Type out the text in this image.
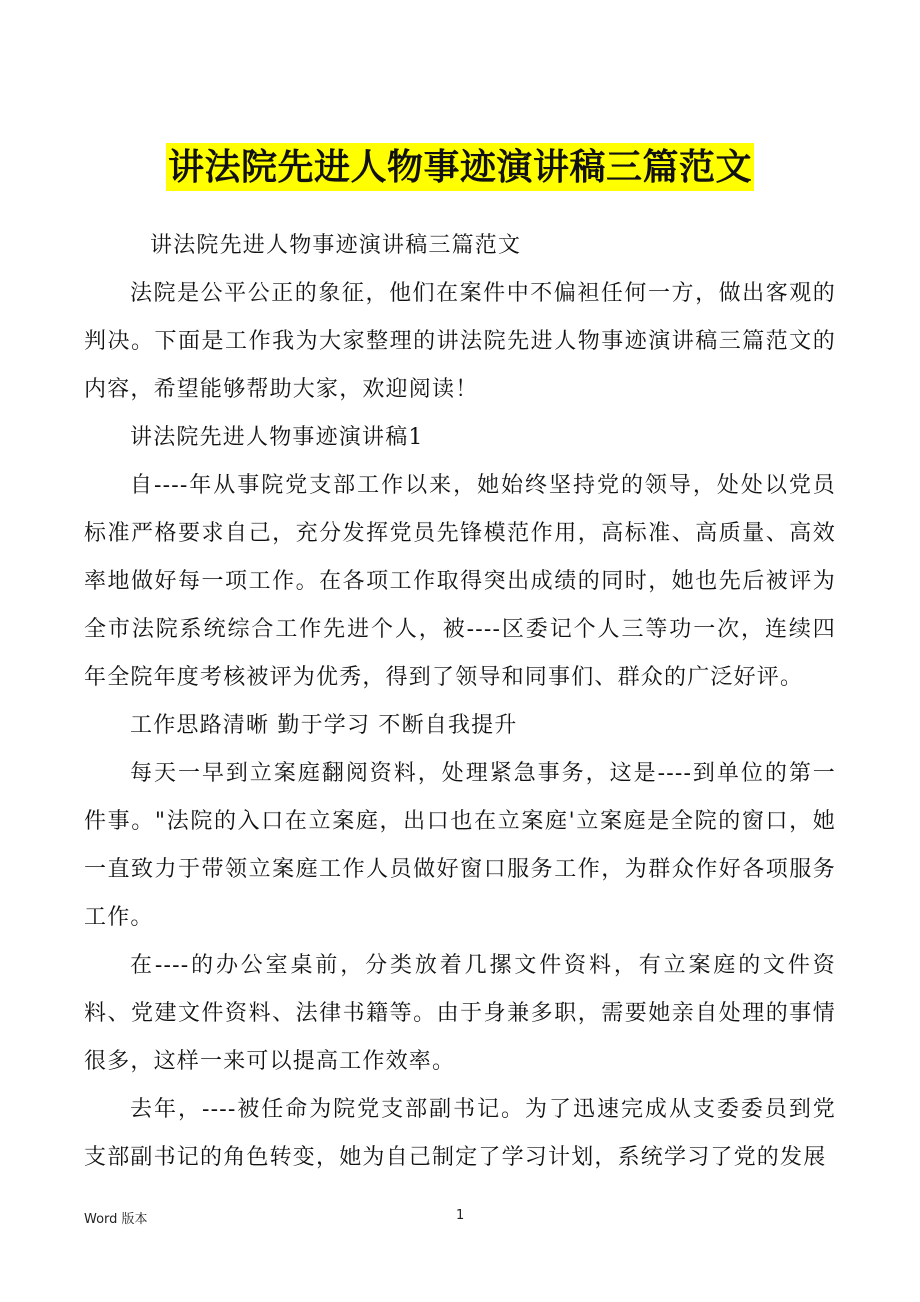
讲法院先进人物事迹演讲稿三篇范文

讲法院先进人物事迹演讲稿三篇范文

法院是公平公正的象征，他们在案件中不偏袒任何一方，做出客观的判决。下面是工作我为大家整理的讲法院先进人物事迹演讲稿三篇范文的内容，希望能够帮助大家，欢迎阅读！

讲法院先进人物事迹演讲稿1

自----年从事院党支部工作以来，她始终坚持党的领导，处处以党员标准严格要求自己，充分发挥党员先锋模范作用，高标准、高质量、高效率地做好每一项工作。在各项工作取得突出成绩的同时，她也先后被评为全市法院系统综合工作先进个人，被----区委记个人三等功一次，连续四年全院年度考核被评为优秀，得到了领导和同事们、群众的广泛好评。

工作思路清晰 勤于学习 不断自我提升

每天一早到立案庭翻阅资料，处理紧急事务，这是----到单位的第一件事。"法院的入口在立案庭，出口也在立案庭'立案庭是全院的窗口，她一直致力于带领立案庭工作人员做好窗口服务工作，为群众作好各项服务工作。

在----的办公室桌前，分类放着几摞文件资料，有立案庭的文件资料、党建文件资料、法律书籍等。由于身兼多职，需要她亲自处理的事情很多，这样一来可以提高工作效率。

去年，----被任命为院党支部副书记。为了迅速完成从支委委员到党支部副书记的角色转变，她为自己制定了学习计划，系统学习了党的发展

Word 版本	1
